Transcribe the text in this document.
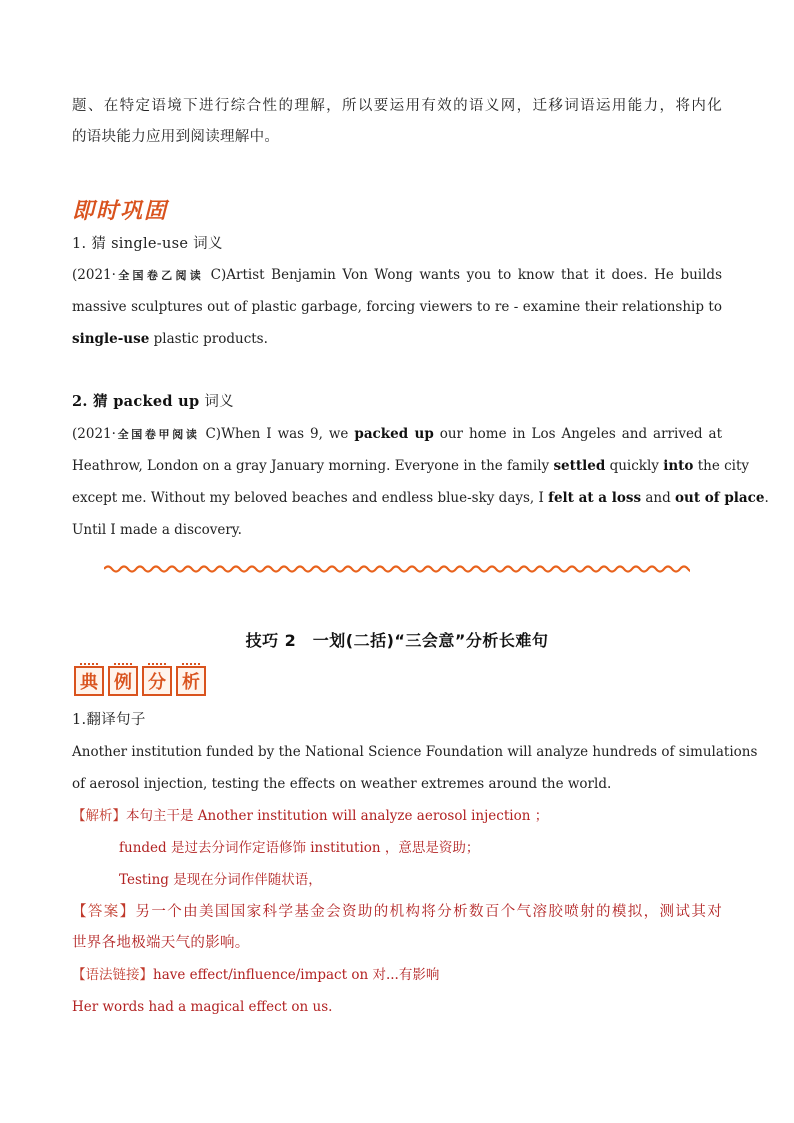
题、在特定语境下进行综合性的理解，所以要运用有效的语义网，迁移词语运用能力，将内化
的语块能力应用到阅读理解中。
即时巩固
1. 猜 single-use 词义
(2021·全国卷乙阅读 C)Artist Benjamin Von Wong wants you to know that it does. He builds
massive sculptures out of plastic garbage, forcing viewers to re - examine their relationship to
single-use plastic products.
2. 猜 packed up 词义
(2021·全国卷甲阅读 C)When I was 9, we packed up our home in Los Angeles and arrived at
Heathrow, London on a gray January morning. Everyone in the family settled quickly into the city
except me. Without my beloved beaches and endless blue-sky days, I felt at a loss and out of place.
Until I made a discovery.
技巧 2　一划(二括)“三会意”分析长难句
典 例 分 析
1.翻译句子
Another institution funded by the National Science Foundation will analyze hundreds of simulations
of aerosol injection, testing the effects on weather extremes around the world.
【解析】本句主干是 Another institution will analyze aerosol injection ；
funded 是过去分词作定语修饰 institution ，意思是资助；
Testing 是现在分词作伴随状语，
【答案】另一个由美国国家科学基金会资助的机构将分析数百个气溶胶喷射的模拟，测试其对
世界各地极端天气的影响。
【语法链接】have effect/influence/impact on 对...有影响
Her words had a magical effect on us.
